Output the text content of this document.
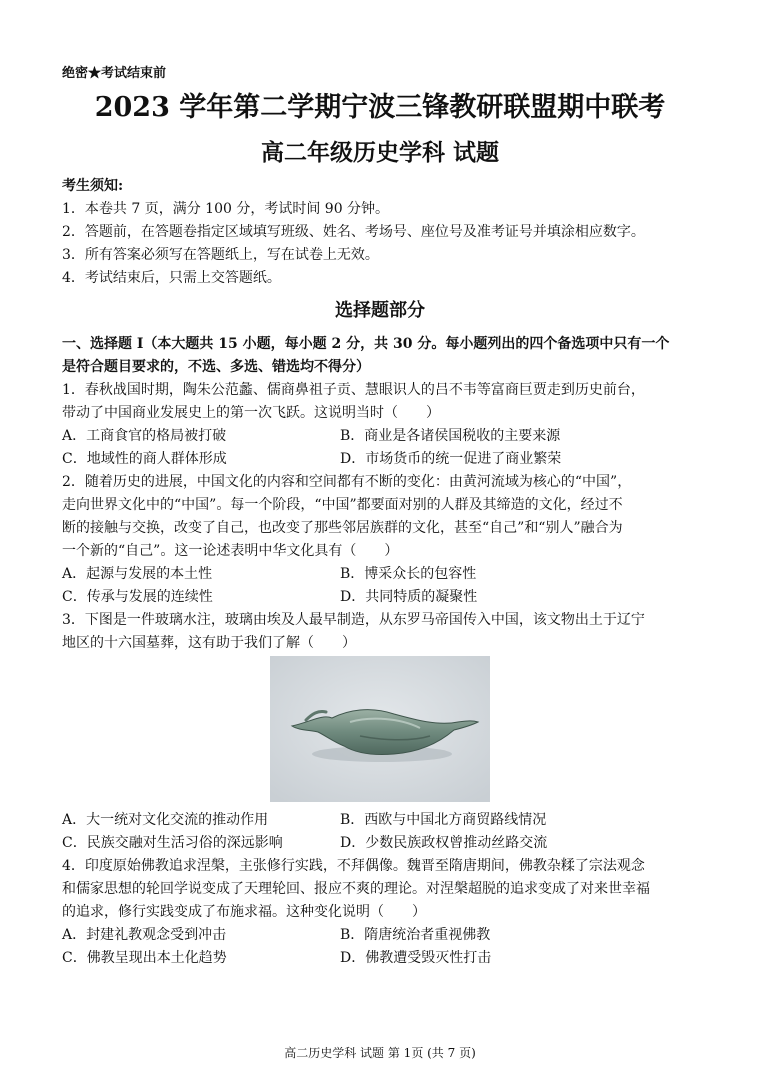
绝密★考试结束前
2023 学年第二学期宁波三锋教研联盟期中联考
高二年级历史学科 试题
考生须知:
1．本卷共 7 页，满分 100 分，考试时间 90 分钟。
2．答题前，在答题卷指定区域填写班级、姓名、考场号、座位号及准考证号并填涂相应数字。
3．所有答案必须写在答题纸上，写在试卷上无效。
4．考试结束后，只需上交答题纸。
选择题部分
一、选择题 I（本大题共 15 小题，每小题 2 分，共 30 分。每小题列出的四个备选项中只有一个
是符合题目要求的，不选、多选、错选均不得分）
1．春秋战国时期，陶朱公范蠡、儒商鼻祖子贡、慧眼识人的吕不韦等富商巨贾走到历史前台，
带动了中国商业发展史上的第一次飞跃。这说明当时（　　）
A．工商食官的格局被打破	B．商业是各诸侯国税收的主要来源
C．地域性的商人群体形成	D．市场货币的统一促进了商业繁荣
2．随着历史的进展，中国文化的内容和空间都有不断的变化：由黄河流域为核心的“中国”，
走向世界文化中的“中国”。每一个阶段，“中国”都要面对别的人群及其缔造的文化，经过不
断的接触与交换，改变了自己，也改变了那些邻居族群的文化，甚至“自己”和“别人”融合为
一个新的“自己”。这一论述表明中华文化具有（　　）
A．起源与发展的本土性	B．博采众长的包容性
C．传承与发展的连续性	D．共同特质的凝聚性
3．下图是一件玻璃水注，玻璃由埃及人最早制造，从东罗马帝国传入中国，该文物出土于辽宁
地区的十六国墓葬，这有助于我们了解（　　）
A．大一统对文化交流的推动作用	B．西欧与中国北方商贸路线情况
C．民族交融对生活习俗的深远影响	D．少数民族政权曾推动丝路交流
4．印度原始佛教追求涅槃，主张修行实践，不拜偶像。魏晋至隋唐期间，佛教杂糅了宗法观念
和儒家思想的轮回学说变成了天理轮回、报应不爽的理论。对涅槃超脱的追求变成了对来世幸福
的追求，修行实践变成了布施求福。这种变化说明（　　）
A．封建礼教观念受到冲击	B．隋唐统治者重视佛教
C．佛教呈现出本土化趋势	D．佛教遭受毁灭性打击
高二历史学科 试题 第 1页 (共 7 页)
